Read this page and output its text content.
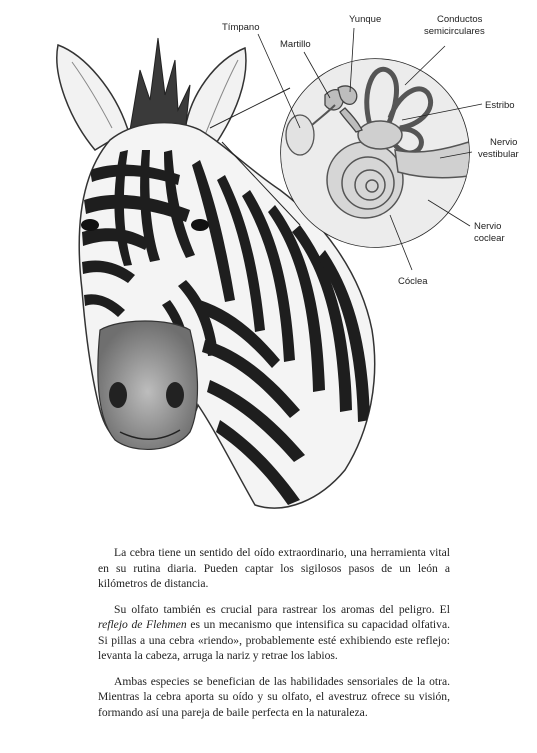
Tímpano
Martillo
Yunque	Conductos
semicirculares
Estribo
Nervio
vestibular
Nervio
coclear
Cóclea

La cebra tiene un sentido del oído extraordinario, una herramienta vital en su rutina diaria. Pueden captar los sigilosos pasos de un león a kilómetros de distancia.

Su olfato también es crucial para rastrear los aromas del peligro. El reflejo de Flehmen es un mecanismo que intensifica su capacidad olfativa. Si pillas a una cebra «riendo», probablemente esté exhibiendo este reflejo: levanta la cabeza, arruga la nariz y retrae los labios.

Ambas especies se benefician de las habilidades sensoriales de la otra. Mientras la cebra aporta su oído y su olfato, el avestruz ofrece su visión, formando así una pareja de baile perfecta en la naturaleza.
